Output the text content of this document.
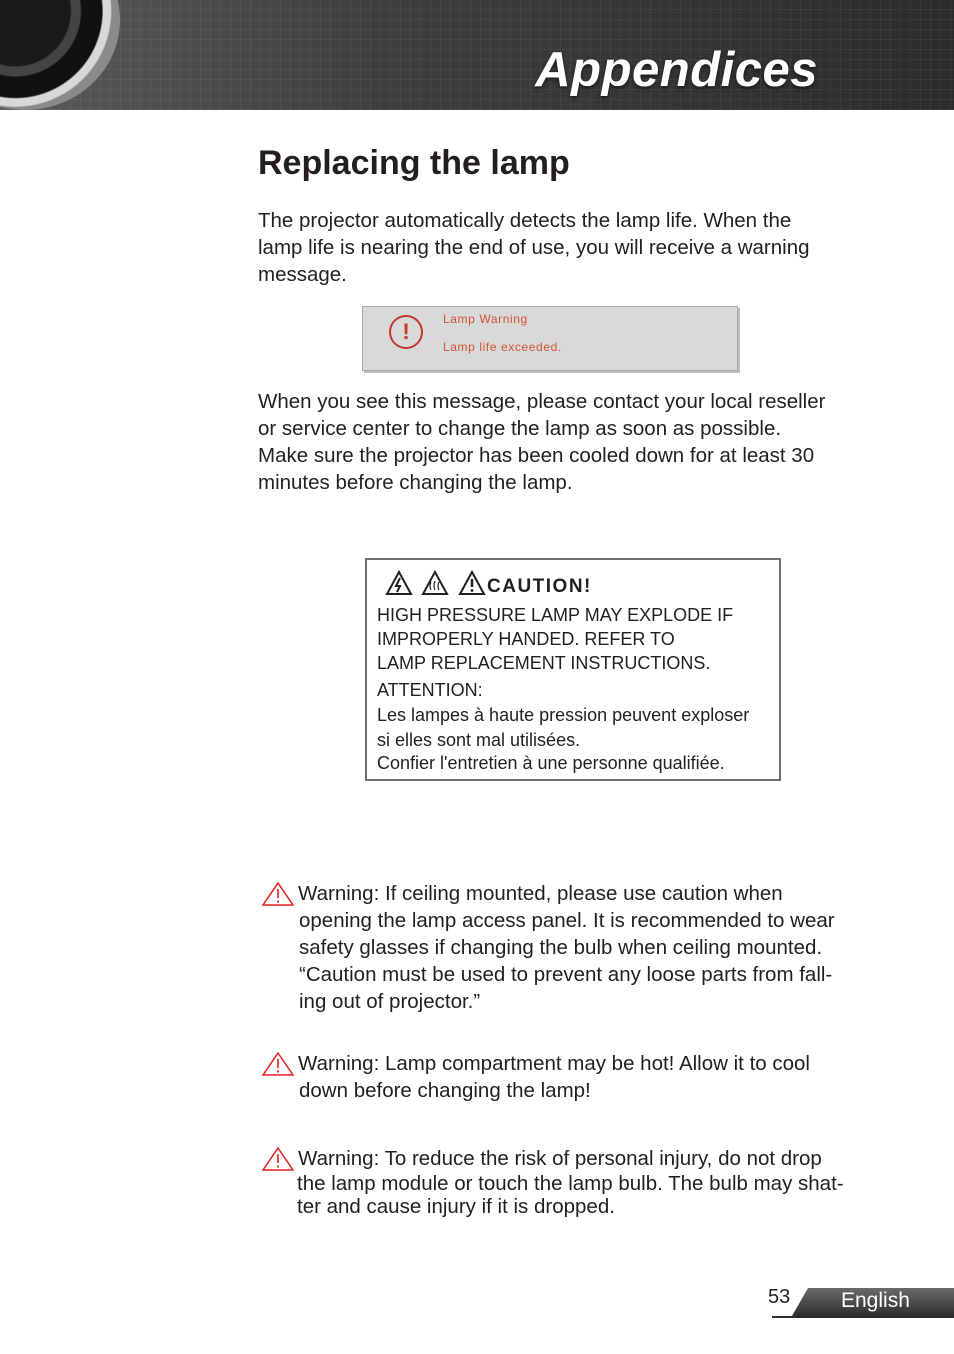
Appendices
Replacing the lamp
The projector automatically detects the lamp life. When the
lamp life is nearing the end of use, you will receive a warning
message.
!	Lamp Warning
Lamp life exceeded.
When you see this message, please contact your local reseller
or service center to change the lamp as soon as possible.
Make sure the projector has been cooled down for at least 30
minutes before changing the lamp.

CAUTION!
HIGH PRESSURE LAMP MAY EXPLODE IF
IMPROPERLY HANDED. REFER TO
LAMP REPLACEMENT INSTRUCTIONS.
ATTENTION:
Les lampes à haute pression peuvent exploser
si elles sont mal utilisées.
Confier l'entretien à une personne qualifiée.
Warning: If ceiling mounted, please use caution when
opening the lamp access panel. It is recommended to wear
safety glasses if changing the bulb when ceiling mounted.
“Caution must be used to prevent any loose parts from fall-
ing out of projector.”
Warning: Lamp compartment may be hot! Allow it to cool
down before changing the lamp!
Warning: To reduce the risk of personal injury, do not drop
the lamp module or touch the lamp bulb. The bulb may shat-
ter and cause injury if it is dropped.
53 English
